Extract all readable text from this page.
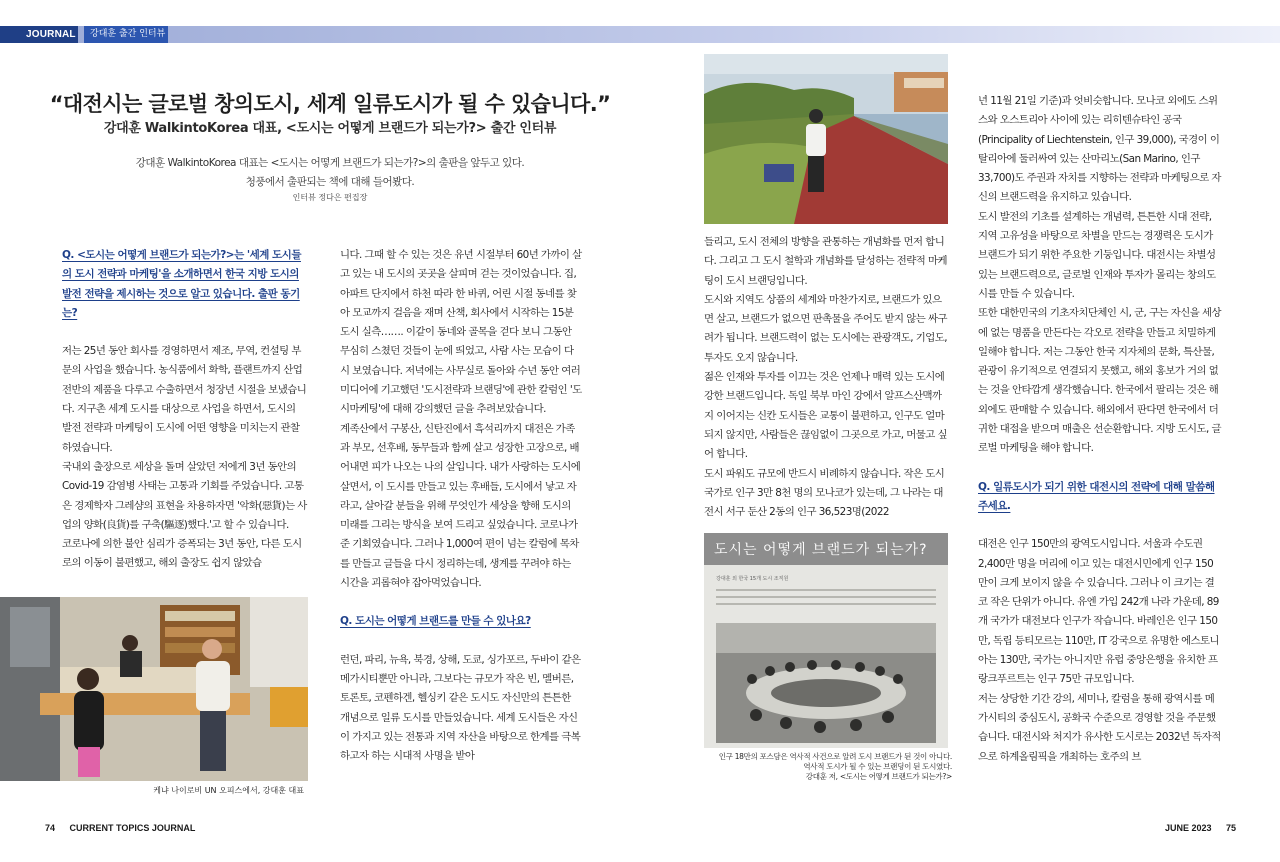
JOURNAL	강대훈 출간 인터뷰
“대전시는 글로벌 창의도시, 세계 일류도시가 될 수 있습니다.”
강대훈 WalkintoKorea 대표, <도시는 어떻게 브랜드가 되는가?> 출간 인터뷰
강대훈 WalkintoKorea 대표는 <도시는 어떻게 브랜드가 되는가?>의 출판을 앞두고 있다.
청풍에서 출판되는 책에 대해 들어봤다.
인터뷰 정다은 편집장

Q. <도시는 어떻게 브랜드가 되는가?>는 '세계 도시들의 도시 전략과 마케팅'을 소개하면서 한국 지방 도시의 발전 전략을 제시하는 것으로 알고 있습니다. 출판 동기는?

저는 25년 동안 회사를 경영하면서 제조, 무역, 컨설팅 부문의 사업을 했습니다. 농식품에서 화학, 플랜트까지 산업 전반의 제품을 다루고 수출하면서 청장년 시절을 보냈습니다. 지구촌 세계 도시를 대상으로 사업을 하면서, 도시의 발전 전략과 마케팅이 도시에 어떤 영향을 미치는지 관찰하였습니다.

국내외 출장으로 세상을 돌며 살았던 저에게 3년 동안의 Covid-19 감염병 사태는 고통과 기회를 주었습니다. 고통은 경제학자 그레샴의 표현을 차용하자면 '악화(惡貨)는 사업의 양화(良貨)를 구축(驅逐)했다.'고 할 수 있습니다.

코로나에 의한 불안 심리가 증폭되는 3년 동안, 다른 도시로의 이동이 불편했고, 해외 출장도 쉽지 않았습

케냐 나이로비 UN 오피스에서, 강대훈 대표

니다. 그때 할 수 있는 것은 유년 시절부터 60년 가까이 살고 있는 내 도시의 곳곳을 살피며 걷는 것이었습니다. 집, 아파트 단지에서 하천 따라 한 바퀴, 어린 시절 동네를 찾아 모교까지 걸음을 재며 산책, 회사에서 시작하는 15분 도시 실측……. 이같이 동네와 골목을 걷다 보니 그동안 무심히 스쳤던 것들이 눈에 띄었고, 사람 사는 모습이 다시 보였습니다. 저녁에는 사무실로 돌아와 수년 동안 여러 미디어에 기고했던 '도시전략과 브랜딩'에 관한 칼럼인 '도시마케팅'에 대해 강의했던 글을 추려보았습니다.

계족산에서 구봉산, 신탄진에서 흑석리까지 대전은 가족과 부모, 선후배, 동무들과 함께 살고 성장한 고장으로, 배어내면 피가 나오는 나의 살입니다. 내가 사랑하는 도시에 살면서, 이 도시를 만들고 있는 후배들, 도시에서 낳고 자라고, 살아갈 분들을 위해 무엇인가 세상을 향해 도시의 미래를 그리는 방식을 보여 드리고 싶었습니다. 코로나가 준 기회였습니다. 그러나 1,000여 편이 넘는 칼럼에 목차를 만들고 글들을 다시 정리하는데, 생계를 꾸려야 하는 시간을 괴롭혀야 잡아먹었습니다.

Q. 도시는 어떻게 브랜드를 만들 수 있나요?

런던, 파리, 뉴욕, 북경, 상해, 도쿄, 싱가포르, 두바이 같은 메가시티뿐만 아니라, 그보다는 규모가 작은 빈, 멜버른, 토론토, 코펜하겐, 헬싱키 같은 도시도 자신만의 튼튼한 개념으로 일류 도시를 만들었습니다. 세계 도시들은 자신이 가지고 있는 전통과 지역 자산을 바탕으로 한계를 극복하고자 하는 시대적 사명을 받아

들리고, 도시 전체의 방향을 관통하는 개념화를 먼저 합니다. 그리고 그 도시 철학과 개념화를 달성하는 전략적 마케팅이 도시 브랜딩입니다.

도시와 지역도 상품의 세계와 마찬가지로, 브랜드가 있으면 살고, 브랜드가 없으면 판촉물을 주어도 받지 않는 싸구려가 됩니다. 브랜드력이 없는 도시에는 관광객도, 기업도, 투자도 오지 않습니다.

젊은 인재와 투자를 이끄는 것은 언제나 매력 있는 도시에 강한 브랜드입니다. 독일 북부 마인 강에서 알프스산맥까지 이어지는 신칸 도시들은 교통이 불편하고, 인구도 얼마 되지 않지만, 사람들은 끊임없이 그곳으로 가고, 머물고 싶어 합니다.

도시 파워도 규모에 반드시 비례하지 않습니다. 작은 도시 국가로 인구 3만 8천 명의 모나코가 있는데, 그 나라는 대전시 서구 둔산 2동의 인구 36,523명(2022

도시는 어떻게 브랜드가 되는가?
강대훈 외 한국 15개 도시 조직원
인구 18만의 포스담은 역사적 사건으로 알려 도시 브랜드가 된 것이 아니다.
역사적 도시가 될 수 있는 브랜딩이 된 도시였다.
강대훈 저, <도시는 어떻게 브랜드가 되는가?>

년 11월 21일 기준)과 엇비슷합니다. 모나코 외에도 스위스와 오스트리아 사이에 있는 리히텐슈타인 공국(Principality of Liechtenstein, 인구 39,000), 국경이 이탈리아에 둘러싸여 있는 산마리노(San Marino, 인구 33,700)도 주권과 자치를 지향하는 전략과 마케팅으로 자신의 브랜드력을 유지하고 있습니다.

도시 발전의 기초를 설계하는 개념력, 튼튼한 시대 전략, 지역 고유성을 바탕으로 차별을 만드는 경쟁력은 도시가 브랜드가 되기 위한 주요한 기둥입니다. 대전시는 차별성 있는 브랜드력으로, 글로벌 인재와 투자가 몰리는 창의도시를 만들 수 있습니다.

또한 대한민국의 기초자치단체인 시, 군, 구는 자신을 세상에 없는 명품을 만든다는 각오로 전략을 만들고 치밀하게 일해야 합니다. 저는 그동안 한국 지자체의 문화, 특산물, 관광이 유기적으로 연결되지 못했고, 해외 홍보가 거의 없는 것을 안타깝게 생각했습니다. 한국에서 팔리는 것은 해외에도 판매할 수 있습니다. 해외에서 판다면 한국에서 더 귀한 대접을 받으며 매출은 선순환합니다. 지방 도시도, 글로벌 마케팅을 해야 합니다.

Q. 일류도시가 되기 위한 대전시의 전략에 대해 말씀해 주세요.

대전은 인구 150만의 광역도시입니다. 서울과 수도권 2,400만 명을 머리에 이고 있는 대전시민에게 인구 150만이 크게 보이지 않을 수 있습니다. 그러나 이 크기는 결코 작은 단위가 아니다. 유엔 가입 242개 나라 가운데, 89개 국가가 대전보다 인구가 작습니다. 바레인은 인구 150만, 독립 등티모르는 110만, IT 강국으로 유명한 에스토니아는 130만, 국가는 아니지만 유럽 중앙은행을 유치한 프랑크푸르트는 인구 75만 규모입니다.

저는 상당한 기간 강의, 세미나, 칼럼을 통해 광역시를 메가시티의 중심도시, 공화국 수준으로 경영할 것을 주문했습니다. 대전시와 처지가 유사한 도시로는 2032년 독자적으로 하계올림픽을 개최하는 호주의 브

74 CURRENT TOPICS JOURNAL	JUNE 2023 75
